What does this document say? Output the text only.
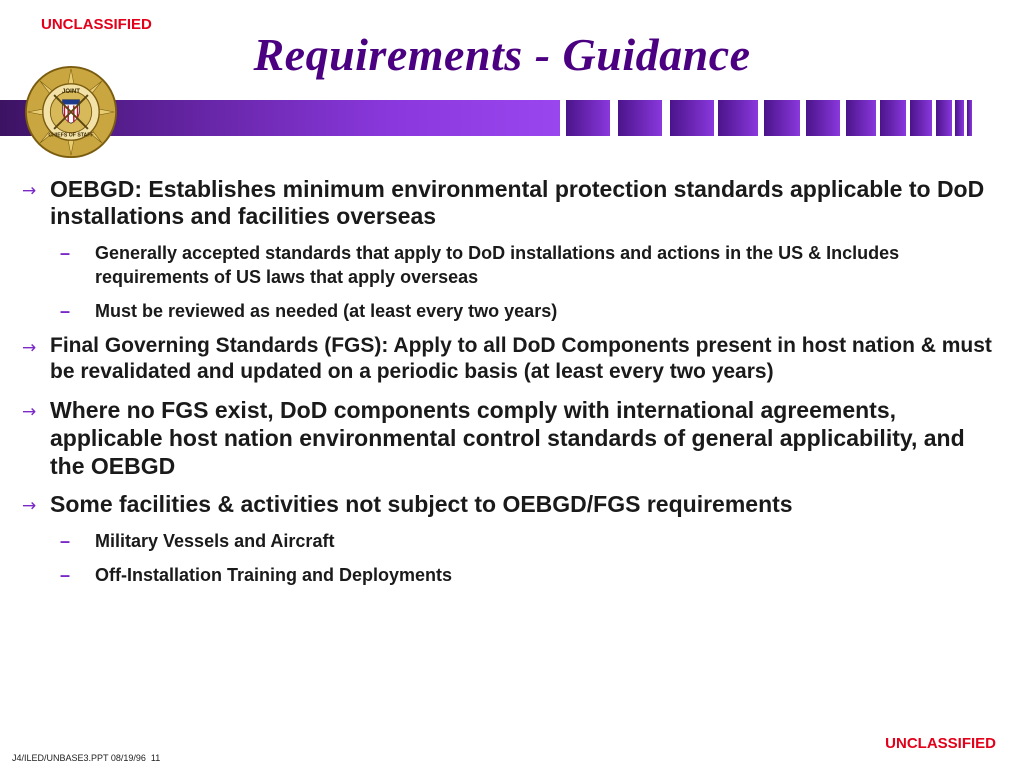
UNCLASSIFIED
Requirements - Guidance
JOINT
CHIEFS OF STAFF
→ OEBGD: Establishes minimum environmental protection standards applicable to DoD installations and facilities overseas
– Generally accepted standards that apply to DoD installations and actions in the US & Includes requirements of US laws that apply overseas
– Must be reviewed as needed (at least every two years)
→ Final Governing Standards (FGS): Apply to all DoD Components present in host nation & must be revalidated and updated on a periodic basis (at least every two years)
→ Where no FGS exist, DoD components comply with international agreements, applicable host nation environmental control standards of general applicability, and the OEBGD
→ Some facilities & activities not subject to OEBGD/FGS requirements
– Military Vessels and Aircraft
– Off-Installation Training and Deployments
J4/ILED/UNBASE3.PPT 08/19/96 11
UNCLASSIFIED
